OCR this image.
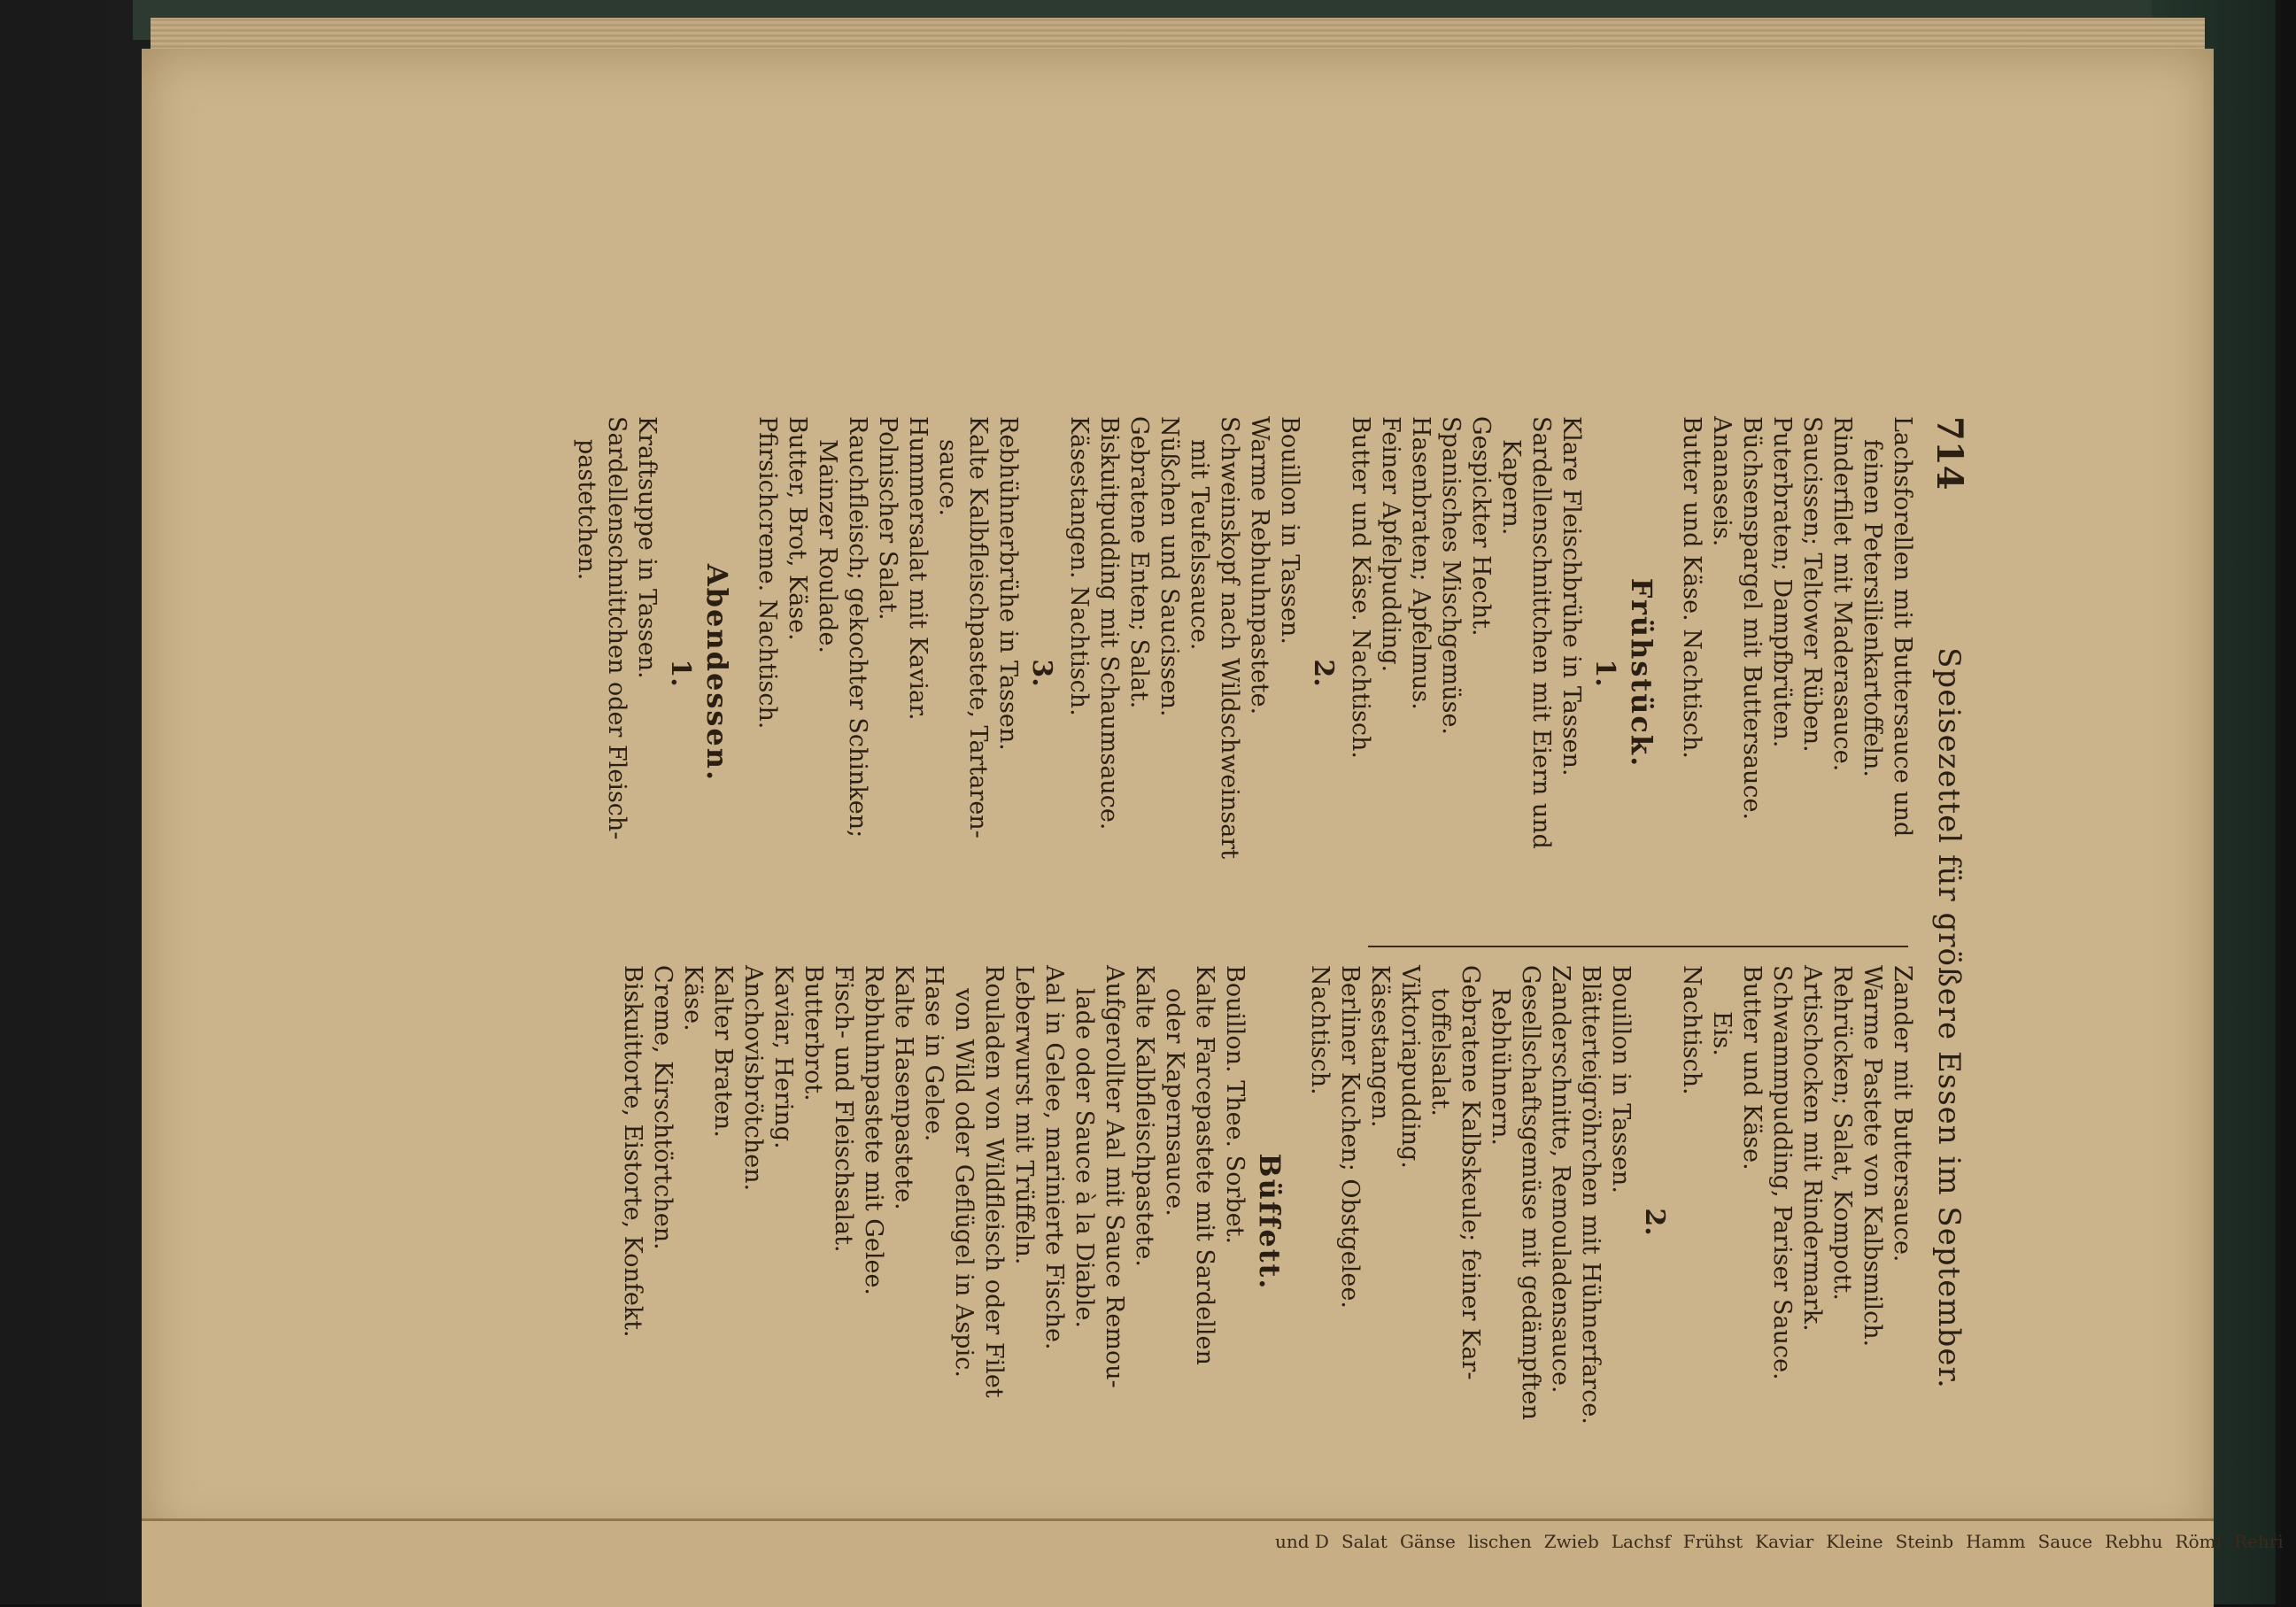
und D Salat Gänse lischen Zwieb Lachsf Frühst Kaviar Kleine Steinb Hamm Sauce Rebhu Römi Rehri
714
Speisezettel für größere Essen im September.
Lachsforellen mit Buttersauce und
feinen Petersilienkartoffeln.
Rinderfilet mit Maderasauce.
Saucissen; Teltower Rüben.
Puterbraten; Dampfbrüten.
Büchsenspargel mit Buttersauce.
Ananaseis.
Butter und Käse. Nachtisch.
Frühstück.
1.
Klare Fleischbrühe in Tassen.
Sardellenschnittchen mit Eiern und
Kapern.
Gespickter Hecht.
Spanisches Mischgemüse.
Hasenbraten; Apfelmus.
Feiner Apfelpudding.
Butter und Käse. Nachtisch.
2.
Bouillon in Tassen.
Warme Rebhuhnpastete.
Schweinskopf nach Wildschweinsart
mit Teufelssauce.
Nüßchen und Saucissen.
Gebratene Enten; Salat.
Biskuitpudding mit Schaumsauce.
Käsestangen. Nachtisch.
3.
Rebhühnerbrühe in Tassen.
Kalte Kalbfleischpastete, Tartaren-
sauce.
Hummersalat mit Kaviar.
Polnischer Salat.
Rauchfleisch; gekochter Schinken;
Mainzer Roulade.
Butter, Brot, Käse.
Pfirsichcreme. Nachtisch.
Abendessen.
1.
Kraftsuppe in Tassen.
Sardellenschnittchen oder Fleisch-
pastetchen.
Zander mit Buttersauce.
Warme Pastete von Kalbsmilch.
Rehrücken; Salat, Kompott.
Artischocken mit Rindermark.
Schwammpudding, Pariser Sauce.
Butter und Käse.
Eis.
Nachtisch.
2.
Bouillon in Tassen.
Blätterteigröhrchen mit Hühnerfarce.
Zanderschnitte, Remouladensauce.
Gesellschaftsgemüse mit gedämpften
Rebhühnern.
Gebratene Kalbskeule; feiner Kar-
toffelsalat.
Viktoriapudding.
Käsestangen.
Berliner Kuchen; Obstgelee.
Nachtisch.
Büffett.
Bouillon. Thee. Sorbet.
Kalte Farcepastete mit Sardellen
oder Kapernsauce.
Kalte Kalbfleischpastete.
Aufgerollter Aal mit Sauce Remou-
lade oder Sauce à la Diable.
Aal in Gelee, marinierte Fische.
Leberwurst mit Trüffeln.
Rouladen von Wildfleisch oder Filet
von Wild oder Geflügel in Aspic.
Hase in Gelee.
Kalte Hasenpastete.
Rebhuhnpastete mit Gelee.
Fisch- und Fleischsalat.
Butterbrot.
Kaviar, Hering.
Anchovisbrötchen.
Kalter Braten.
Käse.
Creme, Kirschtörtchen.
Biskuittorte, Eistorte, Konfekt.
